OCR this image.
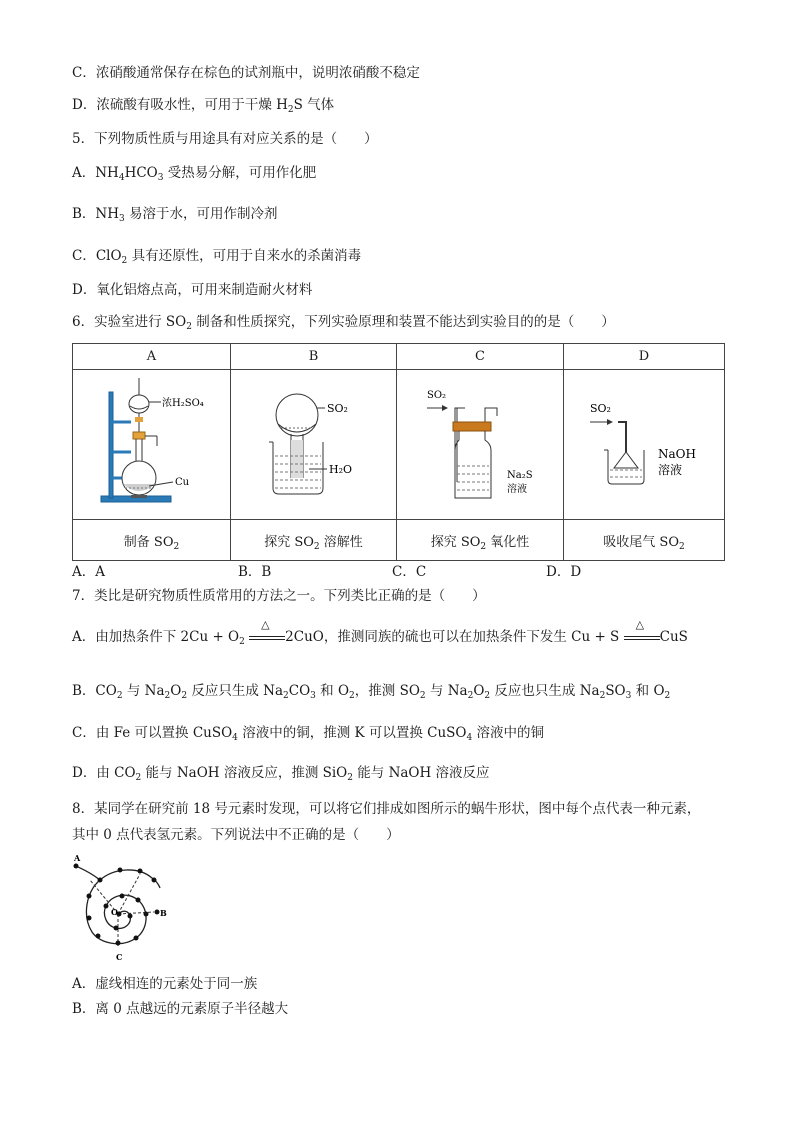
C．浓硝酸通常保存在棕色的试剂瓶中，说明浓硝酸不稳定
D．浓硫酸有吸水性，可用于干燥 $H_2S$ 气体
5．下列物质性质与用途具有对应关系的是（　　）
A．$NH_4HCO_3$ 受热易分解，可用作化肥
B．$NH_3$ 易溶于水，可用作制冷剂
C．ClO$_2$ 具有还原性，可用于自来水的杀菌消毒
D．氧化铝熔点高，可用来制造耐火材料
6．实验室进行 $SO_2$ 制备和性质探究，下列实验原理和装置不能达到实验目的的是（　　）
A	B	C	D

浓H₂SO₄
Cu	SO₂
H₂O	SO₂
Na₂S
溶液	SO₂
NaOH
溶液

制备 $SO_2$	探究 $SO_2$ 溶解性	探究 $SO_2$ 氧化性	吸收尾气 $SO_2$
A．A	B．B	C．C	D．D
7．类比是研究物质性质常用的方法之一。下列类比正确的是（　　）
A．由加热条件下 $2Cu + O_2$
△
2CuO，推测同族的硫也可以在加热条件下发生 Cu + S
△
CuS
B．$CO_2$ 与 $Na_2O_2$ 反应只生成 $Na_2CO_3$ 和 $O_2$，推测 $SO_2$ 与 $Na_2O_2$ 反应也只生成 $Na_2SO_3$ 和 $O_2$
C．由 Fe 可以置换 CuSO$_4$ 溶液中的铜，推测 K 可以置换 CuSO$_4$ 溶液中的铜
D．由 $CO_2$ 能与 NaOH 溶液反应，推测 SiO$_2$ 能与 NaOH 溶液反应
8．某同学在研究前 18 号元素时发现，可以将它们排成如图所示的蜗牛形状，图中每个点代表一种元素，
其中 0 点代表氢元素。下列说法中不正确的是（　　）
A
B
C
O
A．虚线相连的元素处于同一族
B．离 0 点越远的元素原子半径越大
